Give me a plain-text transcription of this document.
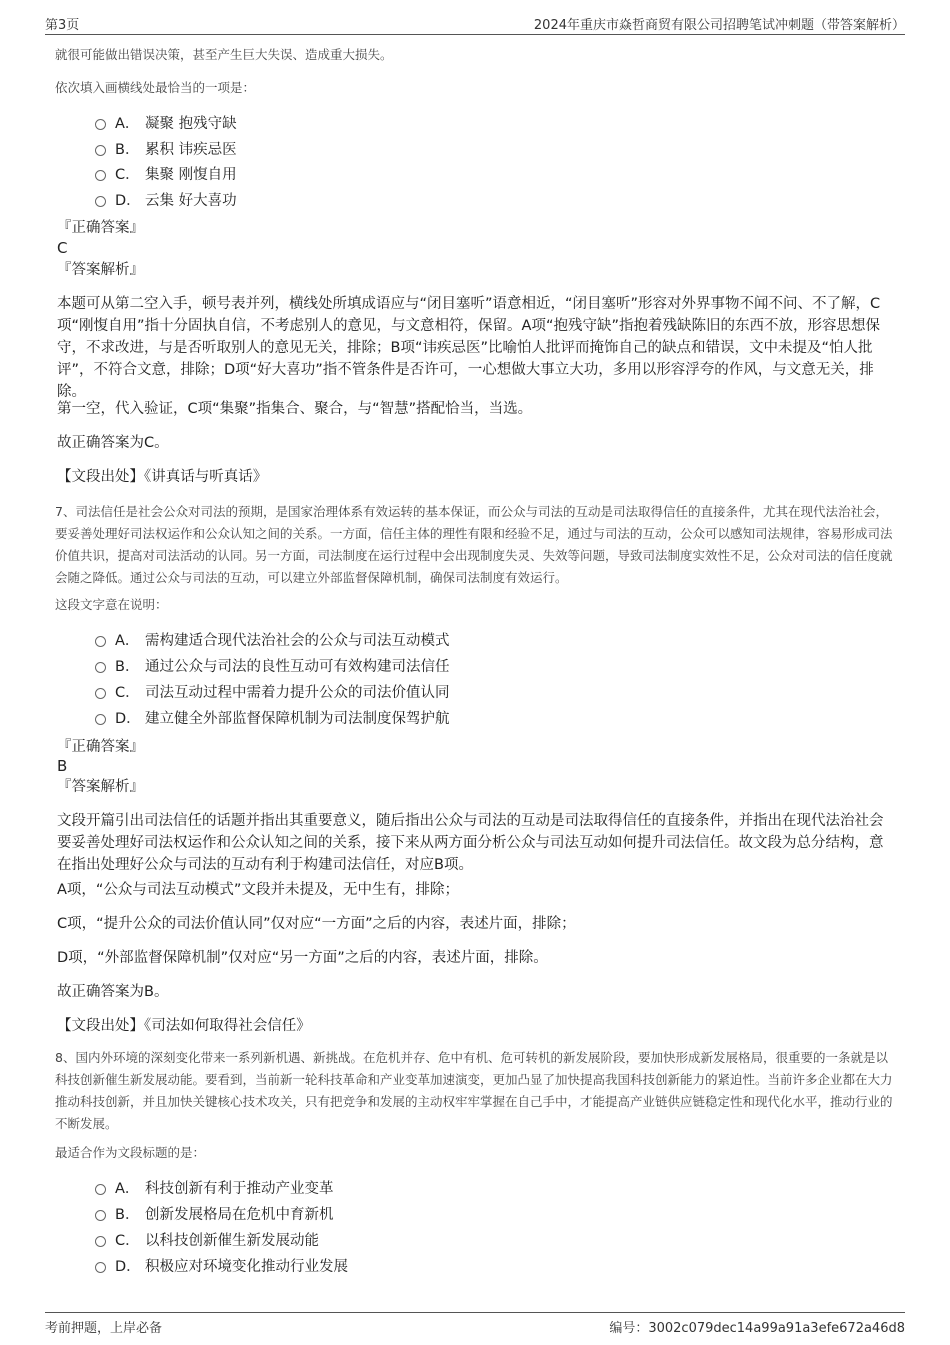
第3页	2024年重庆市焱哲商贸有限公司招聘笔试冲刺题（带答案解析）

就很可能做出错误决策，甚至产生巨大失误、造成重大损失。

依次填入画横线处最恰当的一项是：

A． 凝聚 抱残守缺
B． 累积 讳疾忌医
C． 集聚 刚愎自用
D． 云集 好大喜功
『正确答案』
C
『答案解析』

本题可从第二空入手，顿号表并列，横线处所填成语应与“闭目塞听”语意相近，“闭目塞听”形容对外界事物不闻不问、不了解，C项“刚愎自用”指十分固执自信，不考虑别人的意见，与文意相符，保留。A项“抱残守缺”指抱着残缺陈旧的东西不放，形容思想保守，不求改进，与是否听取别人的意见无关，排除；B项“讳疾忌医”比喻怕人批评而掩饰自己的缺点和错误，文中未提及“怕人批评”，不符合文意，排除；D项“好大喜功”指不管条件是否许可，一心想做大事立大功，多用以形容浮夸的作风，与文意无关，排除。

第一空，代入验证，C项“集聚”指集合、聚合，与“智慧”搭配恰当，当选。

故正确答案为C。

【文段出处】《讲真话与听真话》

7、司法信任是社会公众对司法的预期，是国家治理体系有效运转的基本保证，而公众与司法的互动是司法取得信任的直接条件，尤其在现代法治社会，要妥善处理好司法权运作和公众认知之间的关系。一方面，信任主体的理性有限和经验不足，通过与司法的互动，公众可以感知司法规律，容易形成司法价值共识，提高对司法活动的认同。另一方面，司法制度在运行过程中会出现制度失灵、失效等问题，导致司法制度实效性不足，公众对司法的信任度就会随之降低。通过公众与司法的互动，可以建立外部监督保障机制，确保司法制度有效运行。

这段文字意在说明：

A． 需构建适合现代法治社会的公众与司法互动模式
B． 通过公众与司法的良性互动可有效构建司法信任
C． 司法互动过程中需着力提升公众的司法价值认同
D． 建立健全外部监督保障机制为司法制度保驾护航
『正确答案』
B
『答案解析』

文段开篇引出司法信任的话题并指出其重要意义，随后指出公众与司法的互动是司法取得信任的直接条件，并指出在现代法治社会要妥善处理好司法权运作和公众认知之间的关系，接下来从两方面分析公众与司法互动如何提升司法信任。故文段为总分结构，意在指出处理好公众与司法的互动有利于构建司法信任，对应B项。

A项，“公众与司法互动模式”文段并未提及，无中生有，排除；

C项，“提升公众的司法价值认同”仅对应“一方面”之后的内容，表述片面，排除；

D项，“外部监督保障机制”仅对应“另一方面”之后的内容，表述片面，排除。

故正确答案为B。

【文段出处】《司法如何取得社会信任》

8、国内外环境的深刻变化带来一系列新机遇、新挑战。在危机并存、危中有机、危可转机的新发展阶段，要加快形成新发展格局，很重要的一条就是以科技创新催生新发展动能。要看到，当前新一轮科技革命和产业变革加速演变，更加凸显了加快提高我国科技创新能力的紧迫性。当前许多企业都在大力推动科技创新，并且加快关键核心技术攻关，只有把竞争和发展的主动权牢牢掌握在自己手中，才能提高产业链供应链稳定性和现代化水平，推动行业的不断发展。

最适合作为文段标题的是：

A． 科技创新有利于推动产业变革
B． 创新发展格局在危机中育新机
C． 以科技创新催生新发展动能
D． 积极应对环境变化推动行业发展
考前押题，上岸必备	编号：3002c079dec14a99a91a3efe672a46d8
